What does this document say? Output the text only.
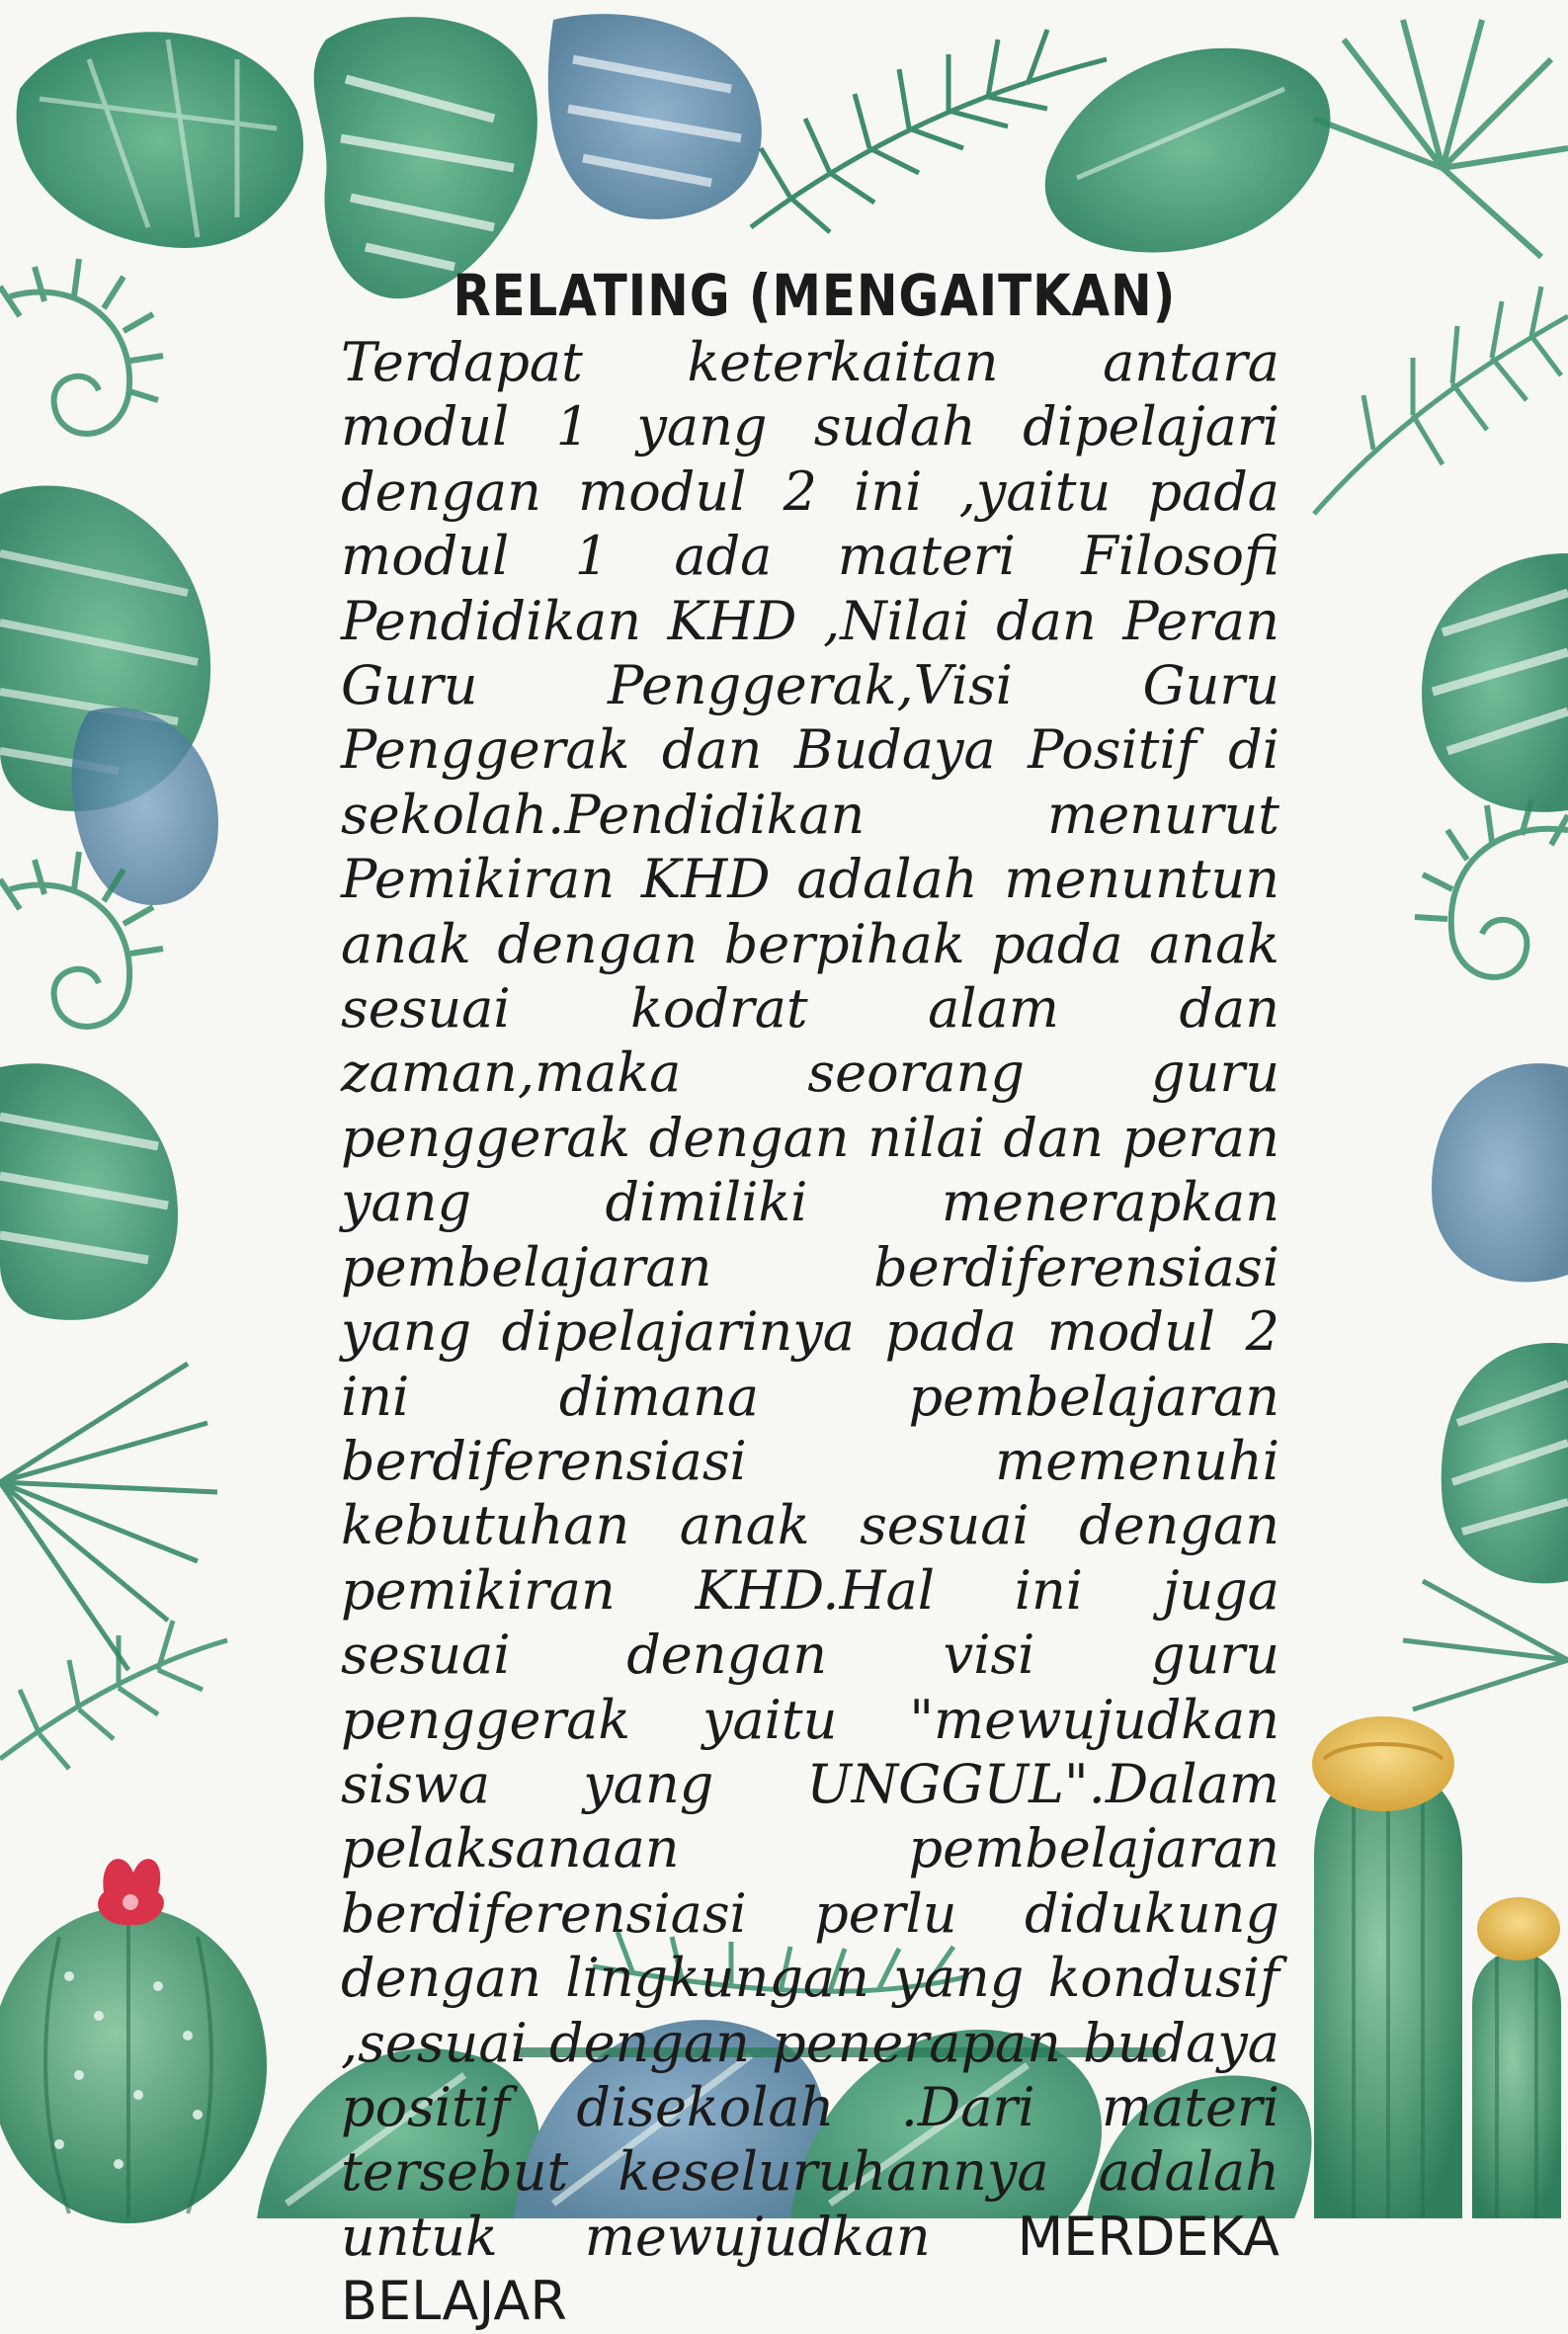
RELATING (MENGAITKAN)

Terdapat keterkaitan antara modul 1 yang sudah dipelajari dengan modul 2 ini ,yaitu pada modul 1 ada materi Filosofi Pendidikan KHD ,Nilai dan Peran Guru Penggerak,Visi Guru Penggerak dan Budaya Positif di sekolah.Pendidikan menurut Pemikiran KHD adalah menuntun anak dengan berpihak pada anak sesuai kodrat alam dan zaman,maka seorang guru penggerak dengan nilai dan peran yang dimiliki menerapkan pembelajaran berdiferensiasi yang dipelajarinya pada modul 2 ini dimana pembelajaran berdiferensiasi memenuhi kebutuhan anak sesuai dengan pemikiran KHD.Hal ini juga sesuai dengan visi guru penggerak yaitu "mewujudkan siswa yang UNGGUL".Dalam pelaksanaan pembelajaran berdiferensiasi perlu didukung dengan lingkungan yang kondusif ,sesuai dengan penerapan budaya positif disekolah .Dari materi tersebut keseluruhannya adalah untuk mewujudkan MERDEKA BELAJAR
